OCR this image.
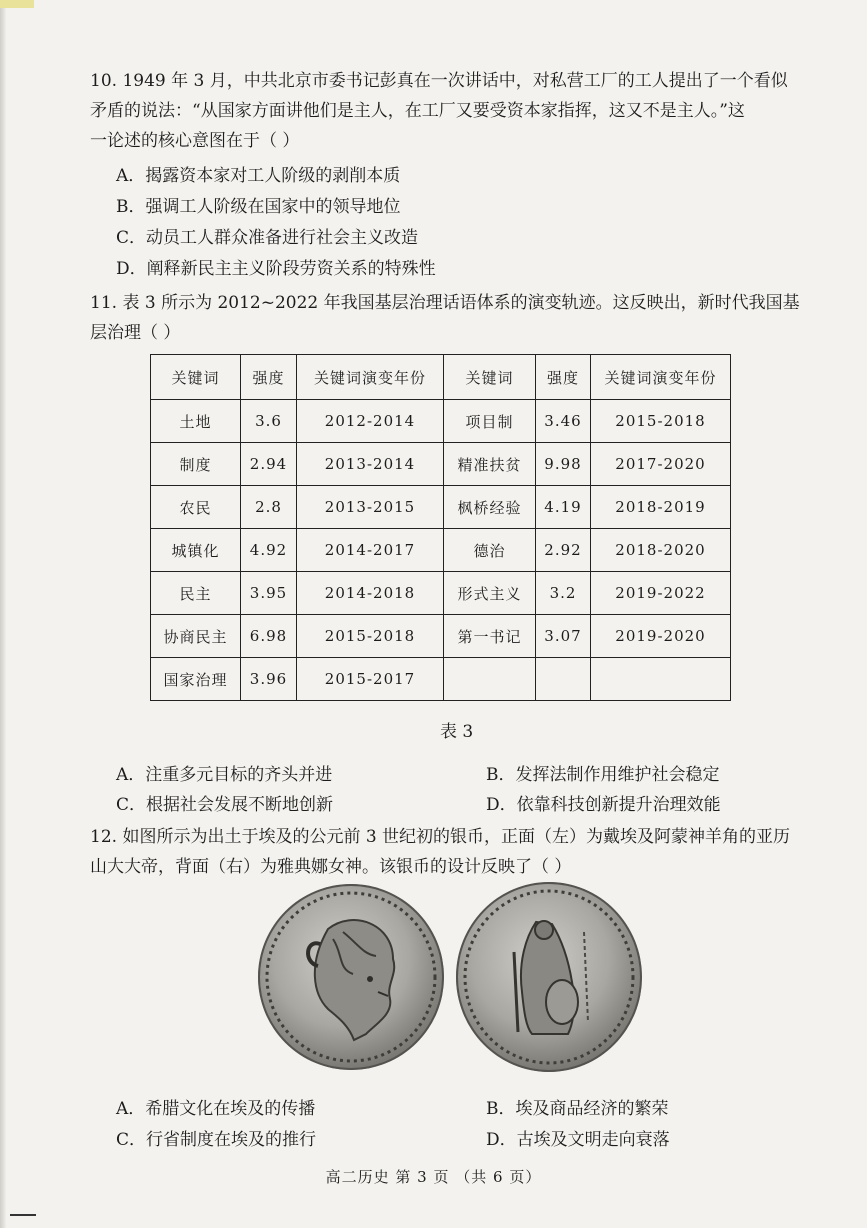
10. 1949 年 3 月，中共北京市委书记彭真在一次讲话中，对私营工厂的工人提出了一个看似
矛盾的说法：“从国家方面讲他们是主人，在工厂又要受资本家指挥，这又不是主人。”这
一论述的核心意图在于（ ）
A．揭露资本家对工人阶级的剥削本质
B．强调工人阶级在国家中的领导地位
C．动员工人群众准备进行社会主义改造
D．阐释新民主主义阶段劳资关系的特殊性
11. 表 3 所示为 2012~2022 年我国基层治理话语体系的演变轨迹。这反映出，新时代我国基
层治理（ ）
关键词	强度	关键词演变年份	关键词	强度	关键词演变年份
土地	3.6	2012-2014	项目制	3.46	2015-2018
制度	2.94	2013-2014	精准扶贫	9.98	2017-2020
农民	2.8	2013-2015	枫桥经验	4.19	2018-2019
城镇化	4.92	2014-2017	德治	2.92	2018-2020
民主	3.95	2014-2018	形式主义	3.2	2019-2022
协商民主	6.98	2015-2018	第一书记	3.07	2019-2020
国家治理	3.96	2015-2017			
表 3
A．注重多元目标的齐头并进	B．发挥法制作用维护社会稳定
C．根据社会发展不断地创新	D．依靠科技创新提升治理效能
12. 如图所示为出土于埃及的公元前 3 世纪初的银币，正面（左）为戴埃及阿蒙神羊角的亚历
山大大帝，背面（右）为雅典娜女神。该银币的设计反映了（ ）
A．希腊文化在埃及的传播	B．埃及商品经济的繁荣
C．行省制度在埃及的推行	D．古埃及文明走向衰落
高二历史 第 3 页 （共 6 页）
